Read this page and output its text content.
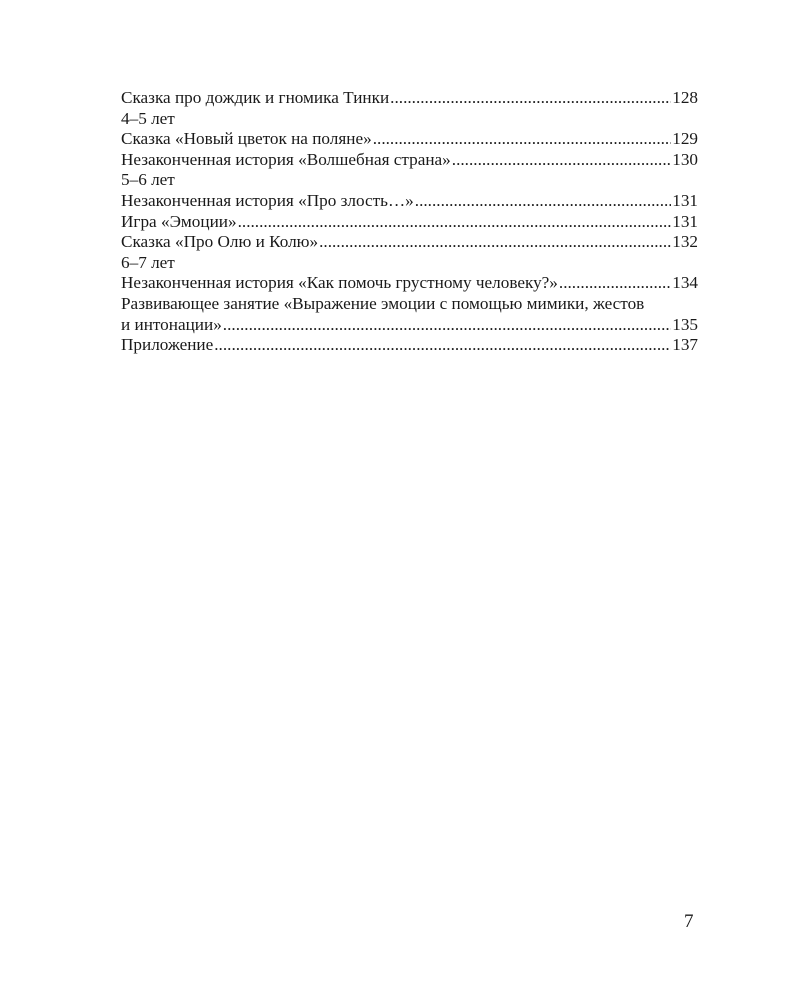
Сказка про дождик и гномика Тинки .....	128
4–5 лет
Сказка «Новый цветок на поляне» .....	129
Незаконченная история «Волшебная страна» .....	130
5–6 лет
Незаконченная история «Про злость…» .....	131
Игра «Эмоции» .....	131
Сказка «Про Олю и Колю» .....	132
6–7 лет
Незаконченная история «Как помочь грустному человеку?» .....	134
Развивающее занятие «Выражение эмоции с помощью мимики, жестов
и интонации» .....	135
Приложение .....	137
7
